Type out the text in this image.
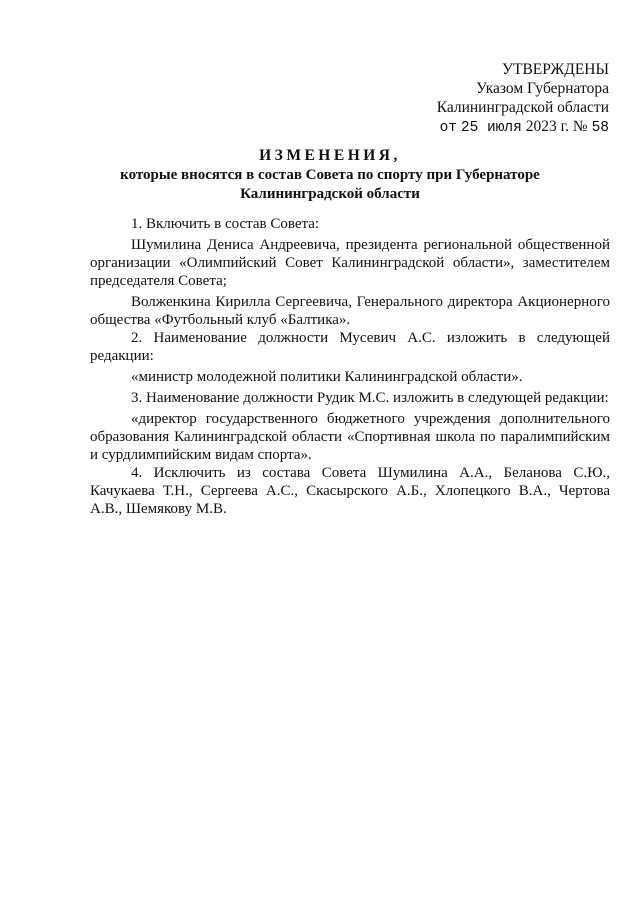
УТВЕРЖДЕНЫ
Указом Губернатора
Калининградской области
от 25 июля 2023 г. № 58
ИЗМЕНЕНИЯ,
которые вносятся в состав Совета по спорту при Губернаторе
Калининградской области

1. Включить в состав Совета:

Шумилина Дениса Андреевича, президента региональной общественной организации «Олимпийский Совет Калининградской области», заместителем председателя Совета;

Волженкина Кирилла Сергеевича, Генерального директора Акционерного общества «Футбольный клуб «Балтика».

2. Наименование должности Мусевич А.С. изложить в следующей редакции:

«министр молодежной политики Калининградской области».

3. Наименование должности Рудик М.С. изложить в следующей редакции:

«директор государственного бюджетного учреждения дополнительного образования Калининградской области «Спортивная школа по паралимпийским и сурдлимпийским видам спорта».

4. Исключить из состава Совета Шумилина А.А., Беланова С.Ю., Качукаева Т.Н., Сергеева А.С., Скасырского А.Б., Хлопецкого В.А., Чертова А.В., Шемякову М.В.
